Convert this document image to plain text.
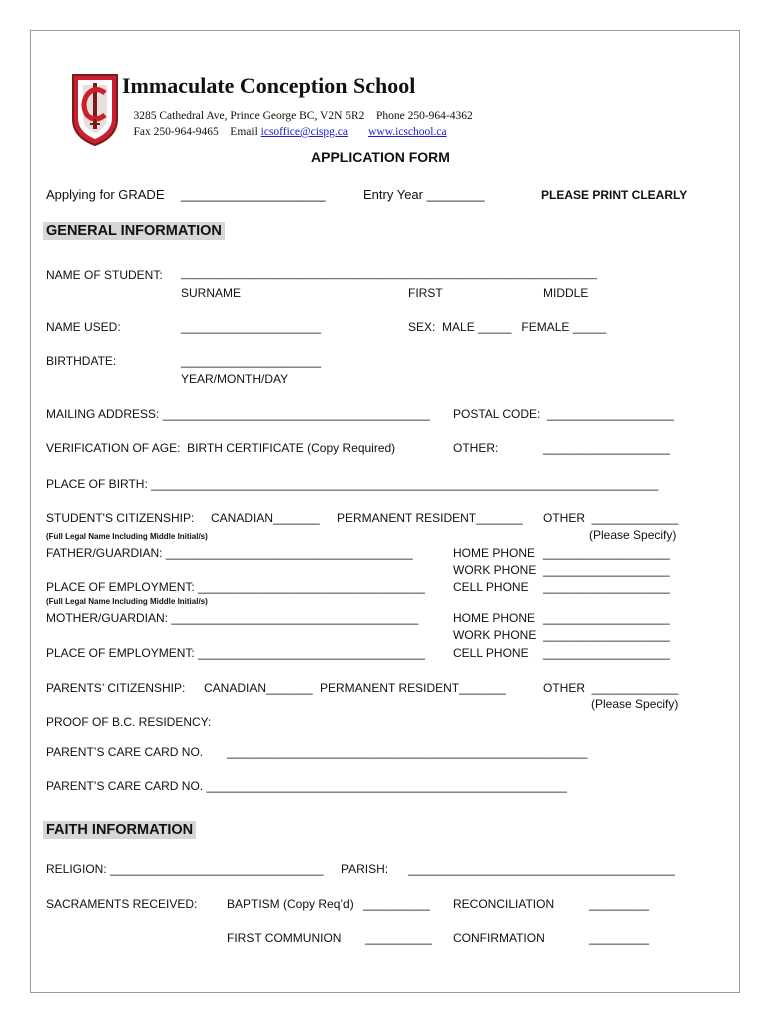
Immaculate Conception School

3285 Cathedral Ave, Prince George BC, V2N 5R2 Phone 250-964-4362

Fax 250-964-9465 Email icsoffice@cispg.ca www.icschool.ca

APPLICATION FORM
Applying for GRADE ____________________	Entry Year ________	PLEASE PRINT CLEARLY
GENERAL INFORMATION
NAME OF STUDENT: ____________________________________________________________________
SURNAME	FIRST	MIDDLE
NAME USED:	_____________________	SEX:  MALE _____   FEMALE _____
BIRTHDATE:	_____________________
YEAR/MONTH/DAY
MAILING ADDRESS: ________________________________________ POSTAL CODE:  ___________________
VERIFICATION OF AGE:  BIRTH CERTIFICATE (Copy Required)	OTHER:	___________________
PLACE OF BIRTH: ____________________________________________________________________________
STUDENT'S CITIZENSHIP: CANADIAN_______ PERMANENT RESIDENT_______ OTHER  _____________
(Please Specify)
(Full Legal Name Including Middle Initial/s)
FATHER/GUARDIAN: _____________________________________	HOME PHONE ___________________
WORK PHONE ___________________
PLACE OF EMPLOYMENT: __________________________________ CELL PHONE ___________________
(Full Legal Name Including Middle Initial/s)
MOTHER/GUARDIAN: _____________________________________	HOME PHONE ___________________
WORK PHONE ___________________
PLACE OF EMPLOYMENT: __________________________________ CELL PHONE ___________________
PARENTS’ CITIZENSHIP: CANADIAN_______ PERMANENT RESIDENT_______	OTHER  _____________
(Please Specify)
PROOF OF B.C. RESIDENCY:
PARENT’S CARE CARD NO. ______________________________________________________
PARENT’S CARE CARD NO. ______________________________________________________
FAITH INFORMATION
RELIGION: ________________________________ PARISH: ________________________________________
SACRAMENTS RECEIVED: BAPTISM (Copy Req’d) __________ RECONCILIATION	_________
FIRST COMMUNION __________ CONFIRMATION	_________
